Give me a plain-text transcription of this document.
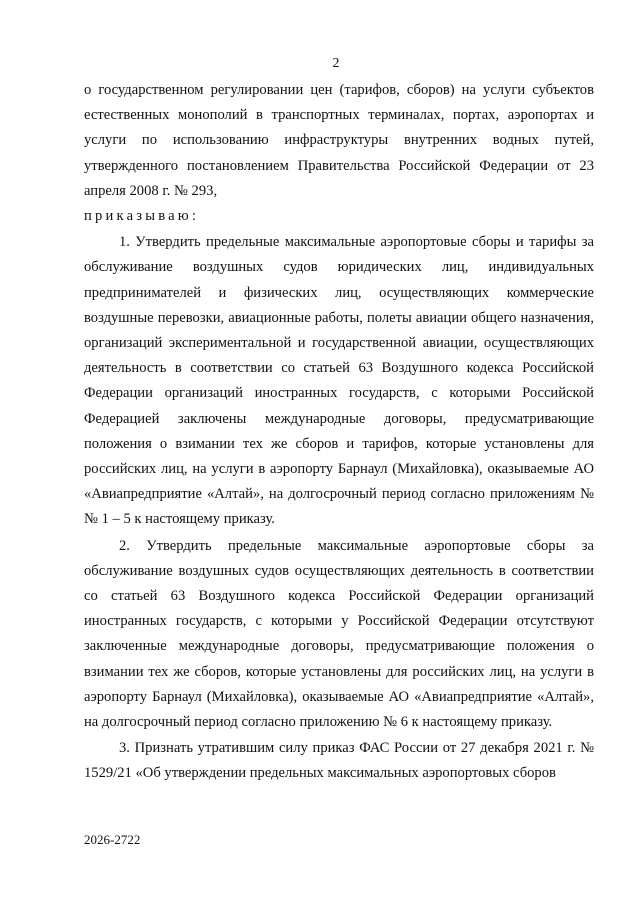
2

о государственном регулировании цен (тарифов, сборов) на услуги субъектов естественных монополий в транспортных терминалах, портах, аэропортах и услуги по использованию инфраструктуры внутренних водных путей, утвержденного постановлением Правительства Российской Федерации от 23 апреля 2008 г. № 293,

приказываю:

1. Утвердить предельные максимальные аэропортовые сборы и тарифы за обслуживание воздушных судов юридических лиц, индивидуальных предпринимателей и физических лиц, осуществляющих коммерческие воздушные перевозки, авиационные работы, полеты авиации общего назначения, организаций экспериментальной и государственной авиации, осуществляющих деятельность в соответствии со статьей 63 Воздушного кодекса Российской Федерации организаций иностранных государств, с которыми Российской Федерацией заключены международные договоры, предусматривающие положения о взимании тех же сборов и тарифов, которые установлены для российских лиц, на услуги в аэропорту Барнаул (Михайловка), оказываемые АО «Авиапредприятие «Алтай», на долгосрочный период согласно приложениям №№ 1 – 5 к настоящему приказу.

2. Утвердить предельные максимальные аэропортовые сборы за обслуживание воздушных судов осуществляющих деятельность в соответствии со статьей 63 Воздушного кодекса Российской Федерации организаций иностранных государств, с которыми у Российской Федерации отсутствуют заключенные международные договоры, предусматривающие положения о взимании тех же сборов, которые установлены для российских лиц, на услуги в аэропорту Барнаул (Михайловка), оказываемые АО «Авиапредприятие «Алтай», на долгосрочный период согласно приложению № 6 к настоящему приказу.

3. Признать утратившим силу приказ ФАС России от 27 декабря 2021 г. № 1529/21 «Об утверждении предельных максимальных аэропортовых сборов

2026-2722
